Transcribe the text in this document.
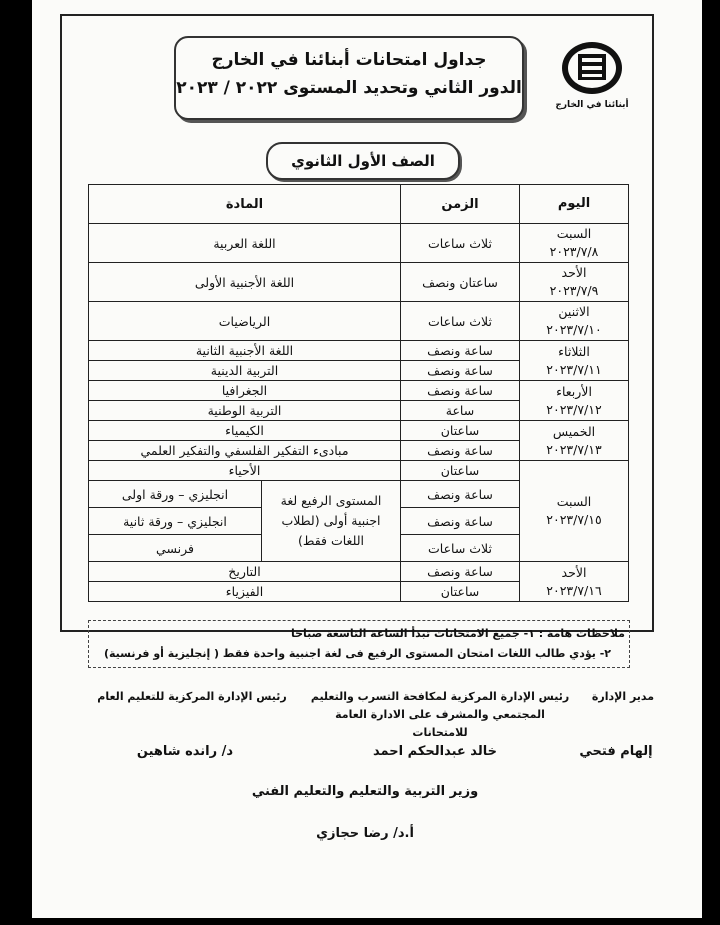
أبنائنا في الخارج
جداول امتحانات أبنائنا في الخارج
الدور الثاني وتحديد المستوى ٢٠٢٢ / ٢٠٢٣
الصف الأول الثانوي
اليوم	الزمن	المادة	
السبت
٢٠٢٣/٧/٨	ثلاث ساعات	اللغة العربية	
الأحد
٢٠٢٣/٧/٩	ساعتان ونصف	اللغة الأجنبية الأولى	
الاثنين
٢٠٢٣/٧/١٠	ثلاث ساعات	الرياضيات	
الثلاثاء
٢٠٢٣/٧/١١	ساعة ونصف	اللغة الأجنبية الثانية	
	ساعة ونصف	التربية الدينية	
الأربعاء
٢٠٢٣/٧/١٢	ساعة ونصف	الجغرافيا	
	ساعة	التربية الوطنية	
الخميس
٢٠٢٣/٧/١٣	ساعتان	الكيمياء	
	ساعة ونصف	مبادىء التفكير الفلسفي والتفكير العلمي	
السبت
٢٠٢٣/٧/١٥	ساعتان	الأحياء	
	ساعة ونصف	المستوى الرفيع لغة اجنبية أولى (لطلاب اللغات فقط)	انجليزي – ورقة اولى
	ساعة ونصف		انجليزي – ورقة ثانية
	ثلاث ساعات		فرنسي
الأحد
٢٠٢٣/٧/١٦	ساعة ونصف	التاريخ	
	ساعتان	الفيزياء	
ملاحظات هامة : ١- جميع الامتحانات تبدأ الساعة التاسعة صباحا
٢- يؤدي طالب اللغات امتحان المستوى الرفيع فى لغة اجنبية واحدة فقط ( إنجليزية أو فرنسية)
مدير الإدارة
إلهام فتحي
رئيس الإدارة المركزية لمكافحة التسرب والتعليم المجتمعي والمشرف على الادارة العامة للامتحانات
خالد عبدالحكم احمد
رئيس الإدارة المركزية للتعليم العام
د/ رانده شاهين
وزير التربية والتعليم والتعليم الفني
أ.د/ رضا حجازي
